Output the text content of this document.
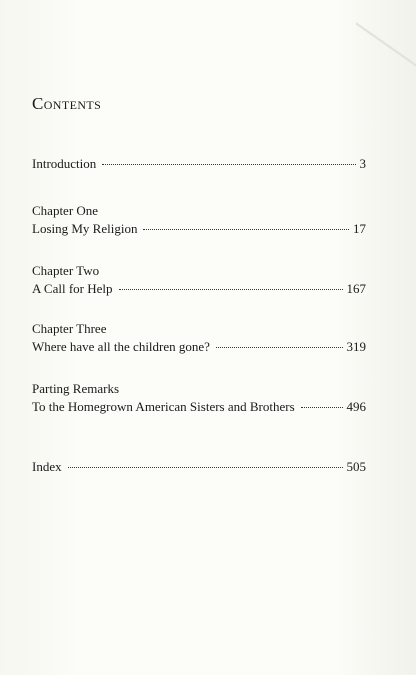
Contents
Introduction	3
Chapter One
Losing My Religion	17
Chapter Two
A Call for Help	167
Chapter Three
Where have all the children gone?	319
Parting Remarks
To the Homegrown American Sisters and Brothers	496
Index	505
